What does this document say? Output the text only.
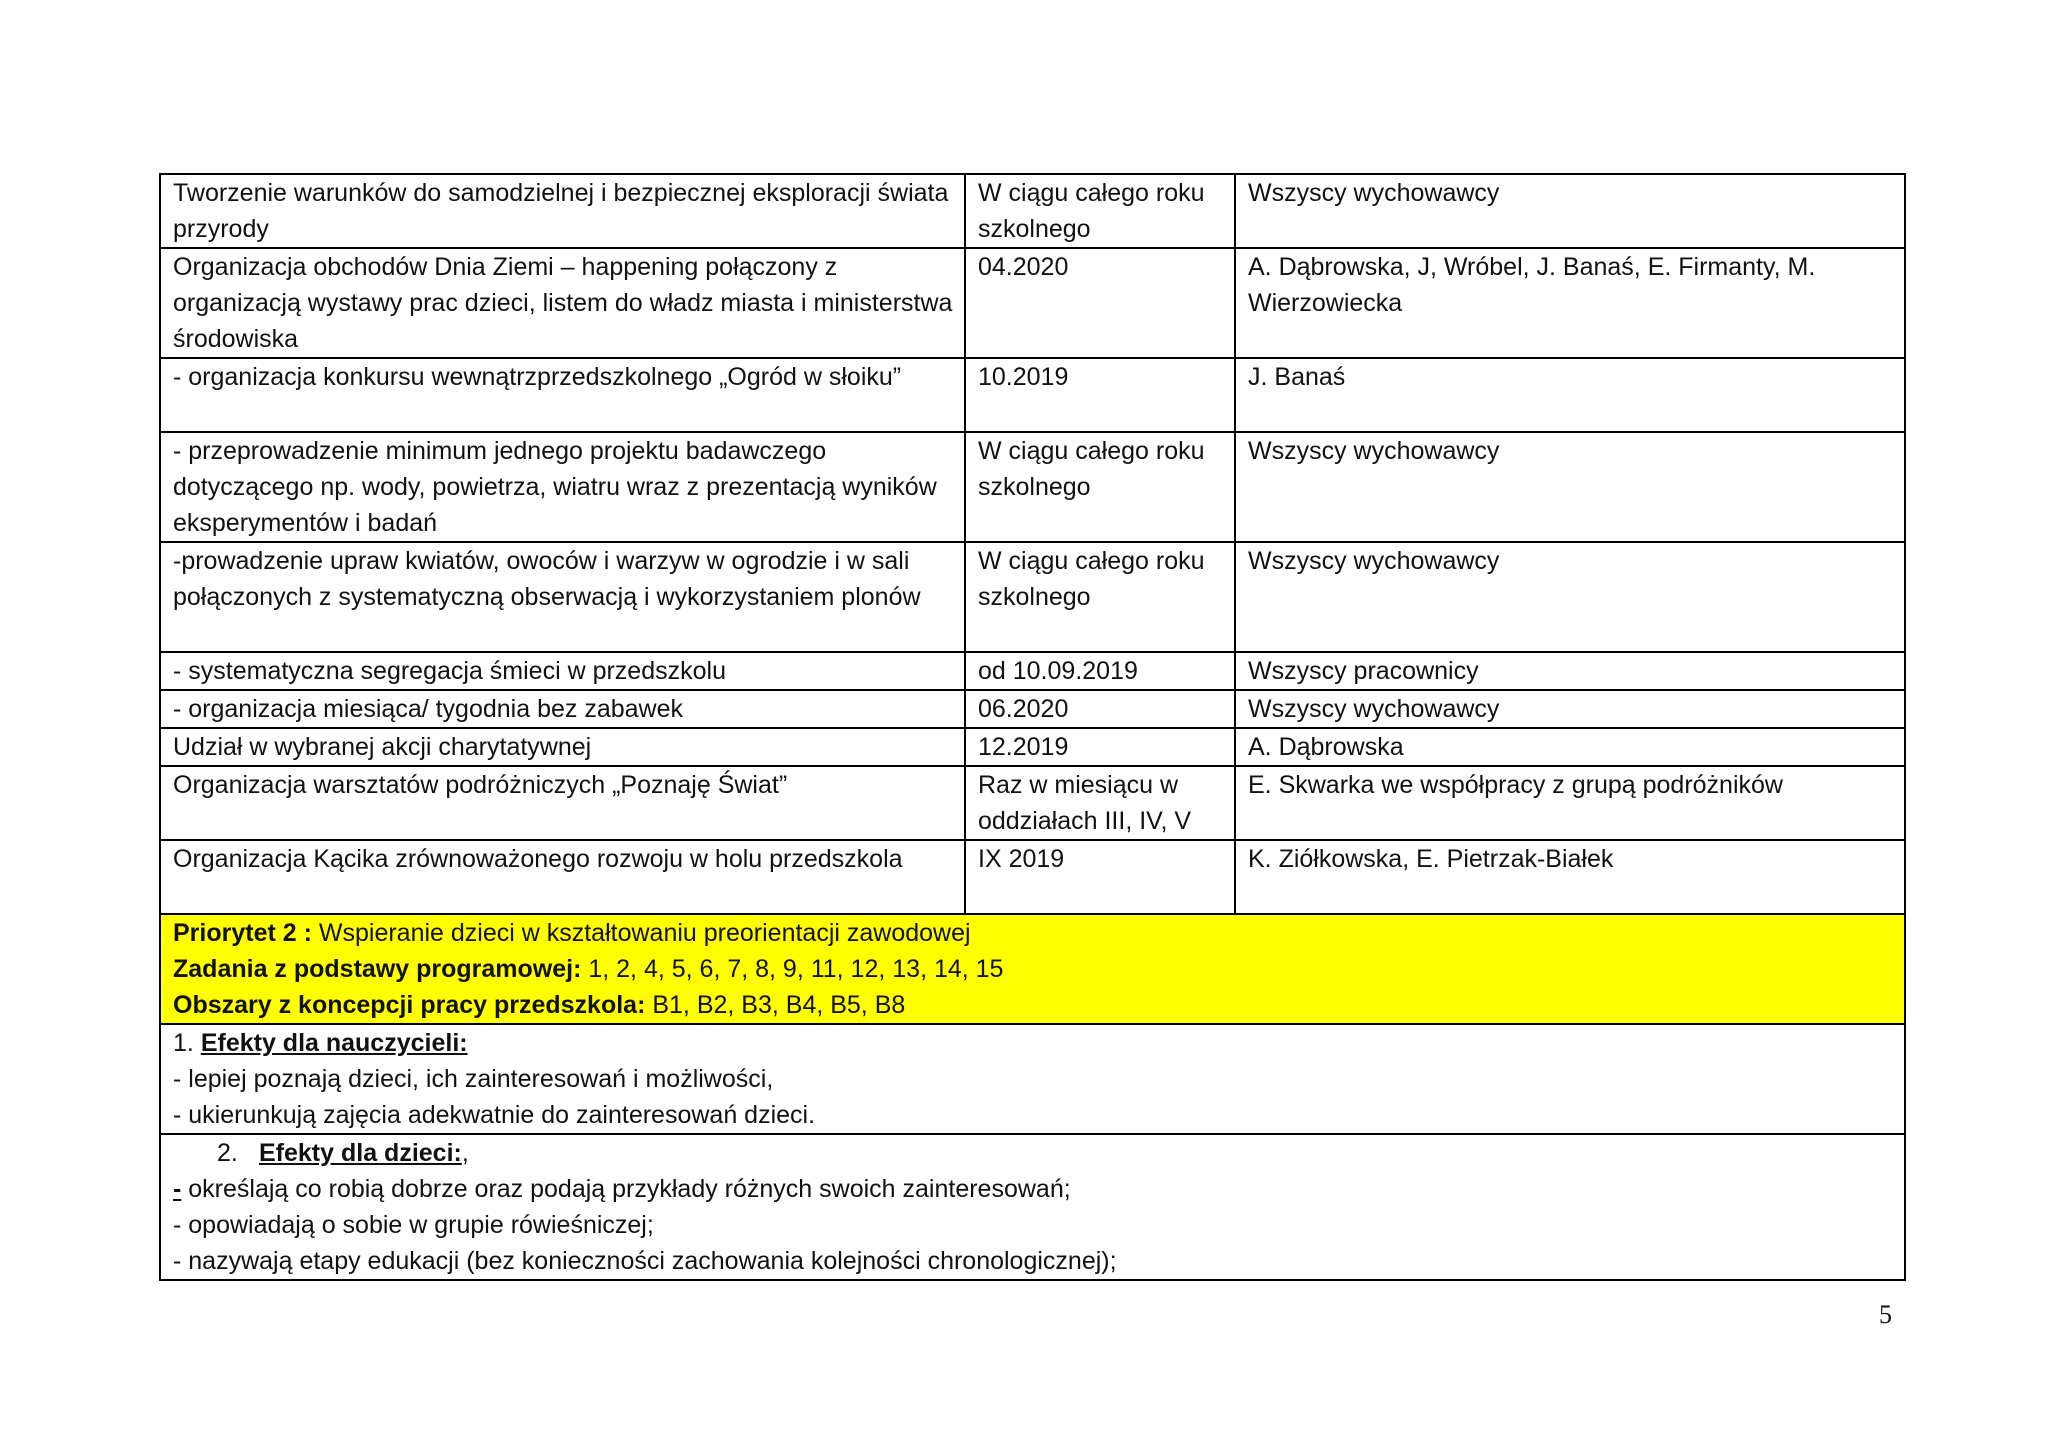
Tworzenie warunków do samodzielnej i bezpiecznej eksploracji świata przyrody	W ciągu całego roku szkolnego	Wszyscy wychowawcy
Organizacja obchodów Dnia Ziemi – happening połączony z organizacją wystawy prac dzieci, listem do władz miasta i ministerstwa środowiska	04.2020	A. Dąbrowska, J, Wróbel, J. Banaś, E. Firmanty, M. Wierzowiecka
- organizacja konkursu wewnątrzprzedszkolnego „Ogród w słoiku”	10.2019	J. Banaś
- przeprowadzenie minimum jednego projektu badawczego dotyczącego np. wody, powietrza, wiatru wraz z prezentacją wyników eksperymentów i badań	W ciągu całego roku szkolnego	Wszyscy wychowawcy
-prowadzenie upraw kwiatów, owoców i warzyw w ogrodzie i w sali połączonych z systematyczną obserwacją i wykorzystaniem plonów	W ciągu całego roku szkolnego	Wszyscy wychowawcy
- systematyczna segregacja śmieci w przedszkolu	od 10.09.2019	Wszyscy pracownicy
- organizacja miesiąca/ tygodnia bez zabawek	06.2020	Wszyscy wychowawcy
Udział w wybranej akcji charytatywnej	12.2019	A. Dąbrowska
Organizacja warsztatów podróżniczych „Poznaję Świat”	Raz w miesiącu w oddziałach III, IV, V	E. Skwarka we współpracy z grupą podróżników
Organizacja Kącika zrównoważonego rozwoju w holu przedszkola	IX 2019	K. Ziółkowska, E. Pietrzak-Białek

Priorytet 2 : Wspieranie dzieci w kształtowaniu preorientacji zawodowej
Zadania z podstawy programowej: 1, 2, 4, 5, 6, 7, 8, 9, 11, 12, 13, 14, 15
Obszary z koncepcji pracy przedszkola: B1, B2, B3, B4, B5, B8		

1. Efekty dla nauczycieli:
- lepiej poznają dzieci, ich zainteresowań i możliwości,
- ukierunkują zajęcia adekwatnie do zainteresowań dzieci.		

2. Efekty dla dzieci:,
- określają co robią dobrze oraz podają przykłady różnych swoich zainteresowań;
- opowiadają o sobie w grupie rówieśniczej;
- nazywają etapy edukacji (bez konieczności zachowania kolejności chronologicznej);		
5
